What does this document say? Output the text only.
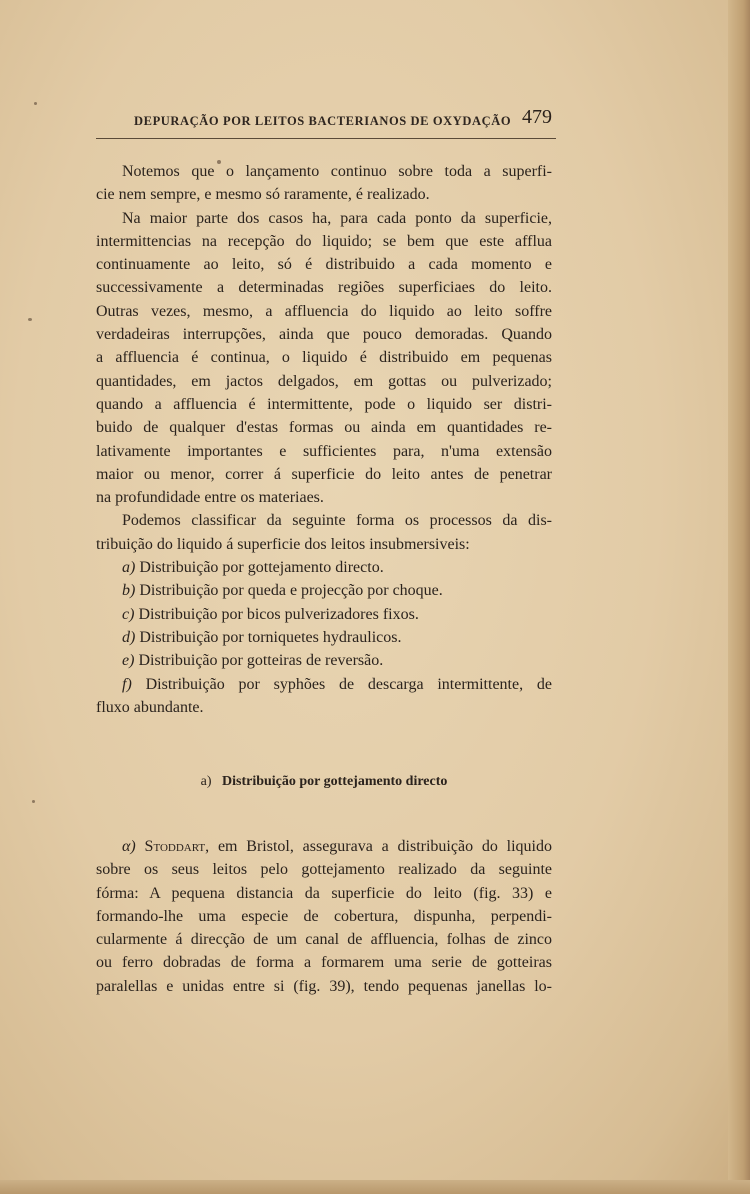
DEPURAÇÃO POR LEITOS BACTERIANOS DE OXYDAÇÃO 479
Notemos que o lançamento continuo sobre toda a superfi-
cie nem sempre, e mesmo só raramente, é realizado.
Na maior parte dos casos ha, para cada ponto da superficie,
intermittencias na recepção do liquido; se bem que este afflua
continuamente ao leito, só é distribuido a cada momento e
successivamente a determinadas regiões superficiaes do leito.
Outras vezes, mesmo, a affluencia do liquido ao leito soffre
verdadeiras interrupções, ainda que pouco demoradas. Quando
a affluencia é continua, o liquido é distribuido em pequenas
quantidades, em jactos delgados, em gottas ou pulverizado;
quando a affluencia é intermittente, pode o liquido ser distri-
buido de qualquer d'estas formas ou ainda em quantidades re-
lativamente importantes e sufficientes para, n'uma extensão
maior ou menor, correr á superficie do leito antes de penetrar
na profundidade entre os materiaes.
Podemos classificar da seguinte forma os processos da dis-
tribuição do liquido á superficie dos leitos insubmersiveis:
a) Distribuição por gottejamento directo.
b) Distribuição por queda e projecção por choque.
c) Distribuição por bicos pulverizadores fixos.
d) Distribuição por torniquetes hydraulicos.
e) Distribuição por gotteiras de reversão.
f) Distribuição por syphões de descarga intermittente, de
fluxo abundante.
a) Distribuição por gottejamento directo
α) Stoddart, em Bristol, assegurava a distribuição do liquido
sobre os seus leitos pelo gottejamento realizado da seguinte
fórma: A pequena distancia da superficie do leito (fig. 33) e
formando-lhe uma especie de cobertura, dispunha, perpendi-
cularmente á direcção de um canal de affluencia, folhas de zinco
ou ferro dobradas de forma a formarem uma serie de gotteiras
paralellas e unidas entre si (fig. 39), tendo pequenas janellas lo-
